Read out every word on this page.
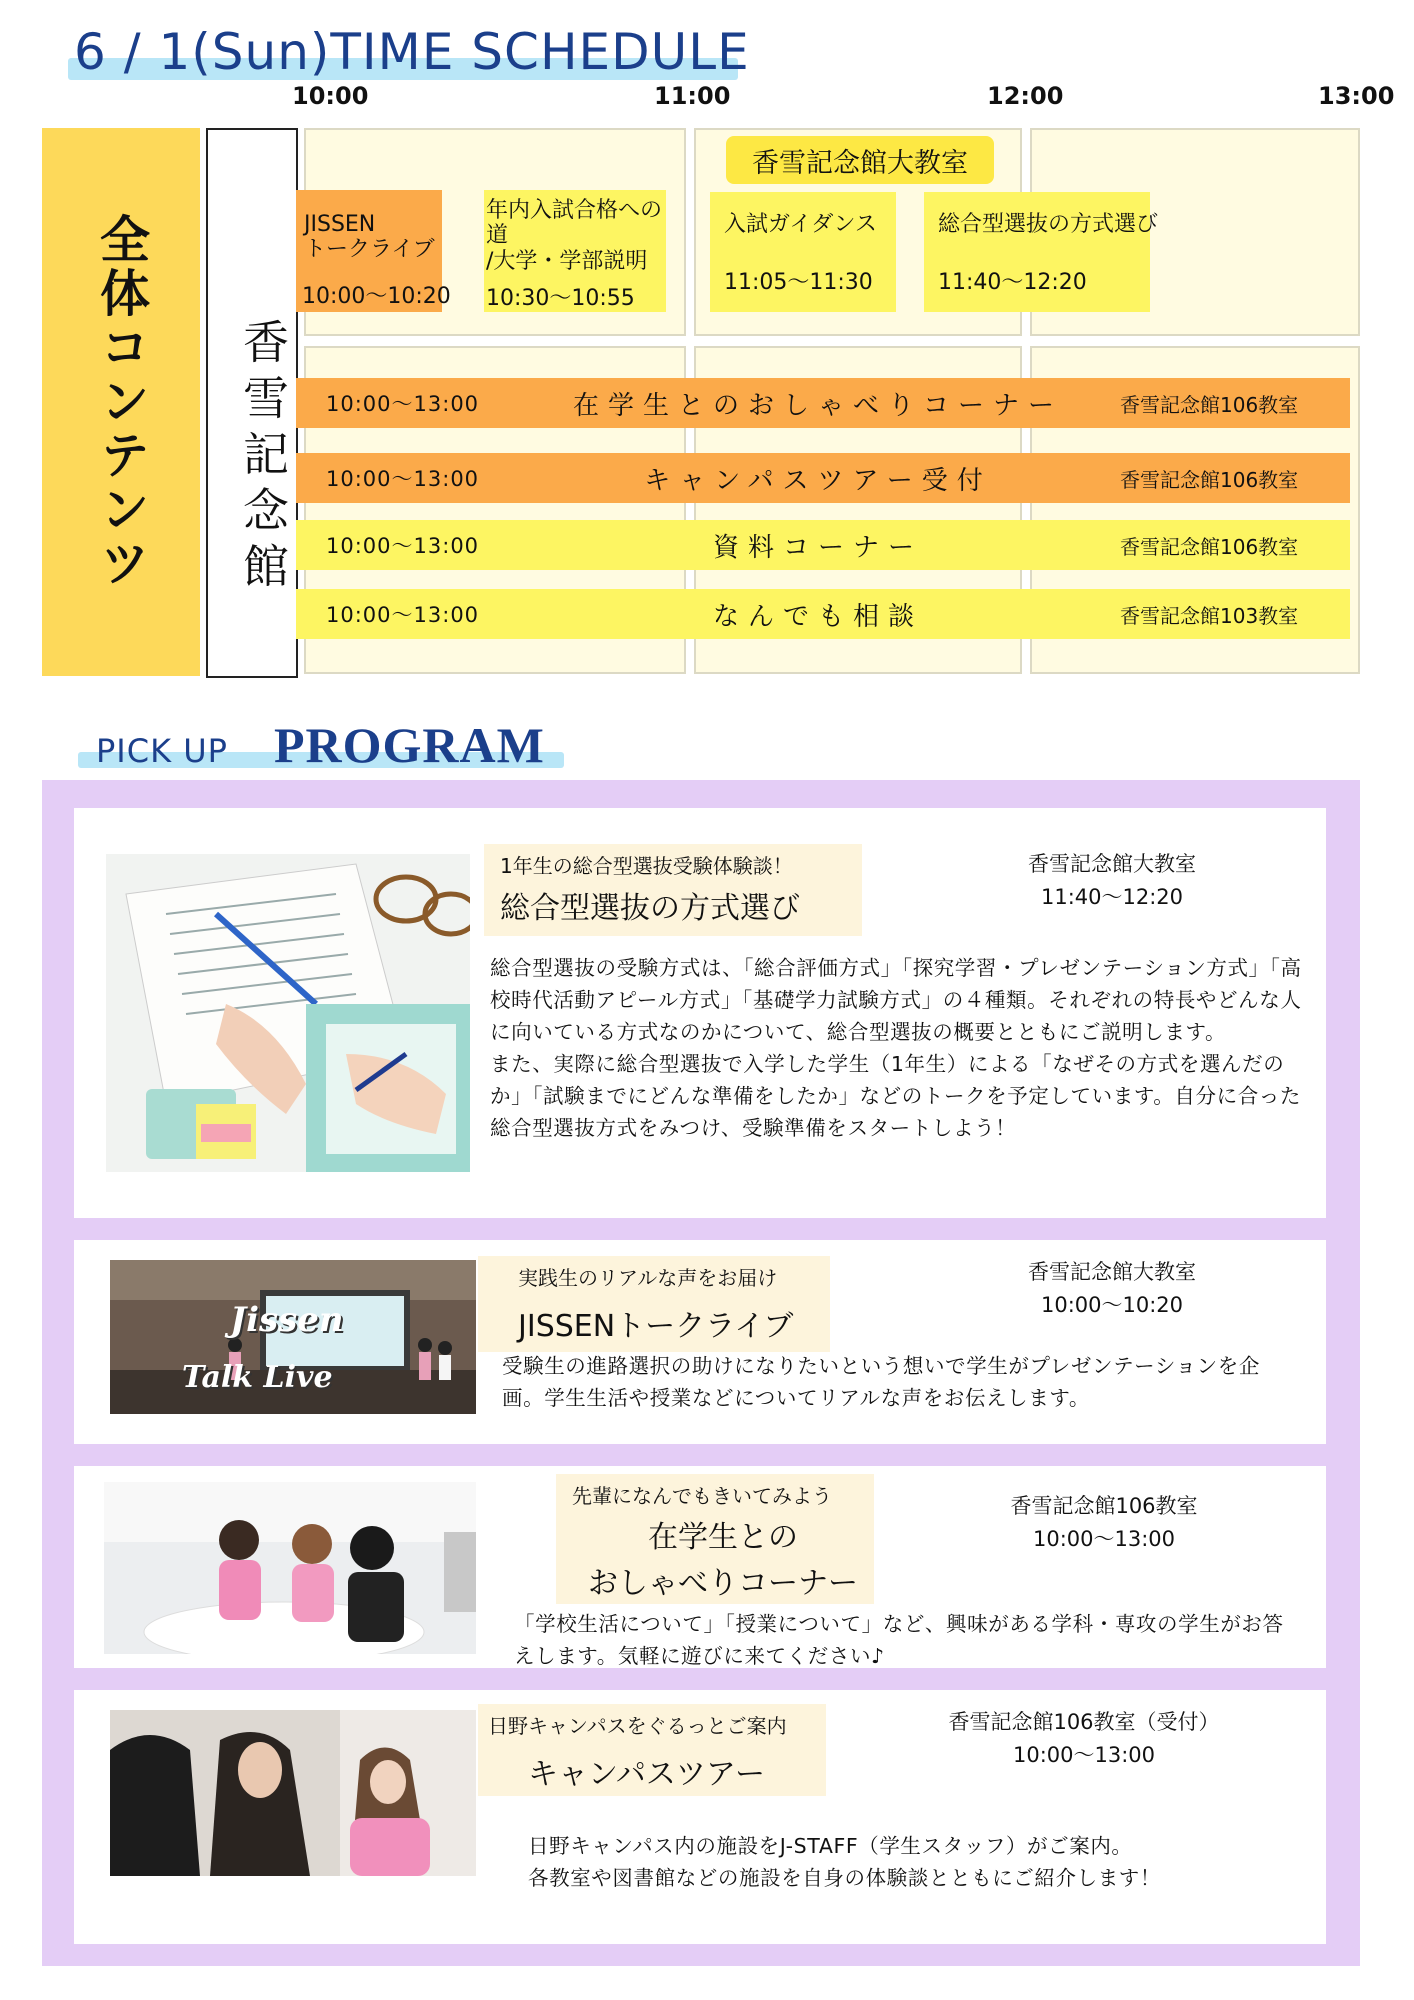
6 / 1(Sun)TIME SCHEDULE
10:00	11:00	12:00	13:00
全体コンテンツ	香雪記念館
香雪記念館大教室
JISSEN
トークライブ
10:00〜10:20
年内入試合格への道
/大学・学部説明
10:30〜10:55
入試ガイダンス
11:05〜11:30
総合型選抜の方式選び
11:40〜12:20
10:00〜13:00	在学生とのおしゃべりコーナー	香雪記念館106教室
10:00〜13:00	キャンパスツアー受付	香雪記念館106教室
10:00〜13:00	資料コーナー	香雪記念館106教室
10:00〜13:00	なんでも相談	香雪記念館103教室
PICK UP PROGRAM
1年生の総合型選抜受験体験談！
総合型選抜の方式選び
香雪記念館大教室
11:40〜12:20
総合型選抜の受験方式は、「総合評価方式」「探究学習・プレゼンテーション方式」「高校時代活動アピール方式」「基礎学力試験方式」の４種類。それぞれの特長やどんな人に向いている方式なのかについて、総合型選抜の概要とともにご説明します。
また、実際に総合型選抜で入学した学生（1年生）による「なぜその方式を選んだのか」「試験までにどんな準備をしたか」などのトークを予定しています。自分に合った総合型選抜方式をみつけ、受験準備をスタートしよう！
Jissen
Talk Live
実践生のリアルな声をお届け
JISSENトークライブ
香雪記念館大教室
10:00〜10:20
受験生の進路選択の助けになりたいという想いで学生がプレゼンテーションを企画。学生生活や授業などについてリアルな声をお伝えします。
先輩になんでもきいてみよう
在学生との
おしゃべりコーナー
香雪記念館106教室
10:00〜13:00
「学校生活について」「授業について」など、興味がある学科・専攻の学生がお答えします。気軽に遊びに来てください♪
日野キャンパスをぐるっとご案内
キャンパスツアー
香雪記念館106教室（受付）
10:00〜13:00
日野キャンパス内の施設をJ-STAFF（学生スタッフ）がご案内。
各教室や図書館などの施設を自身の体験談とともにご紹介します！
